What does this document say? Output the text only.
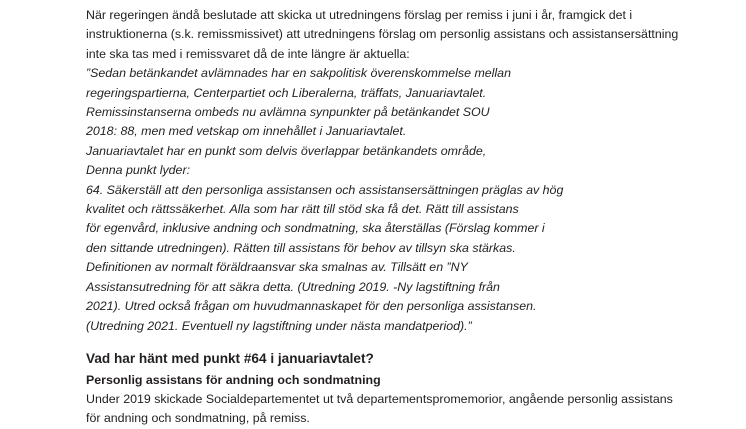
När regeringen ändå beslutade att skicka ut utredningens förslag per remiss i juni i år, framgick det i instruktionerna (s.k. remissmissivet) att utredningens förslag om personlig assistans och assistansersättning inte ska tas med i remissvaret då de inte längre är aktuella:

”Sedan betänkandet avlämnades har en sakpolitisk överenskommelse mellan

regeringspartierna, Centerpartiet och Liberalerna, träffats, Januariavtalet.

Remissinstanserna ombeds nu avlämna synpunkter på betänkandet SOU

2018: 88, men med vetskap om innehållet i Januariavtalet.

Januariavtalet har en punkt som delvis överlappar betänkandets område,

Denna punkt lyder:

64. Säkerställ att den personliga assistansen och assistansersättningen präglas av hög

kvalitet och rättssäkerhet. Alla som har rätt till stöd ska få det. Rätt till assistans

för egenvård, inklusive andning och sondmatning, ska återställas (Förslag kommer i

den sittande utredningen). Rätten till assistans för behov av tillsyn ska stärkas.

Definitionen av normalt föräldraansvar ska smalnas av. Tillsätt en ”NY

Assistansutredning för att säkra detta. (Utredning 2019. -Ny lagstiftning från

2021). Utred också frågan om huvudmannaskapet för den personliga assistansen.

(Utredning 2021. Eventuell ny lagstiftning under nästa mandatperiod).”

Vad har hänt med punkt #64 i januariavtalet?
Personlig assistans för andning och sondmatning

Under 2019 skickade Socialdepartementet ut två departementspromemorior, angående personlig assistans för andning och sondmatning, på remiss.
